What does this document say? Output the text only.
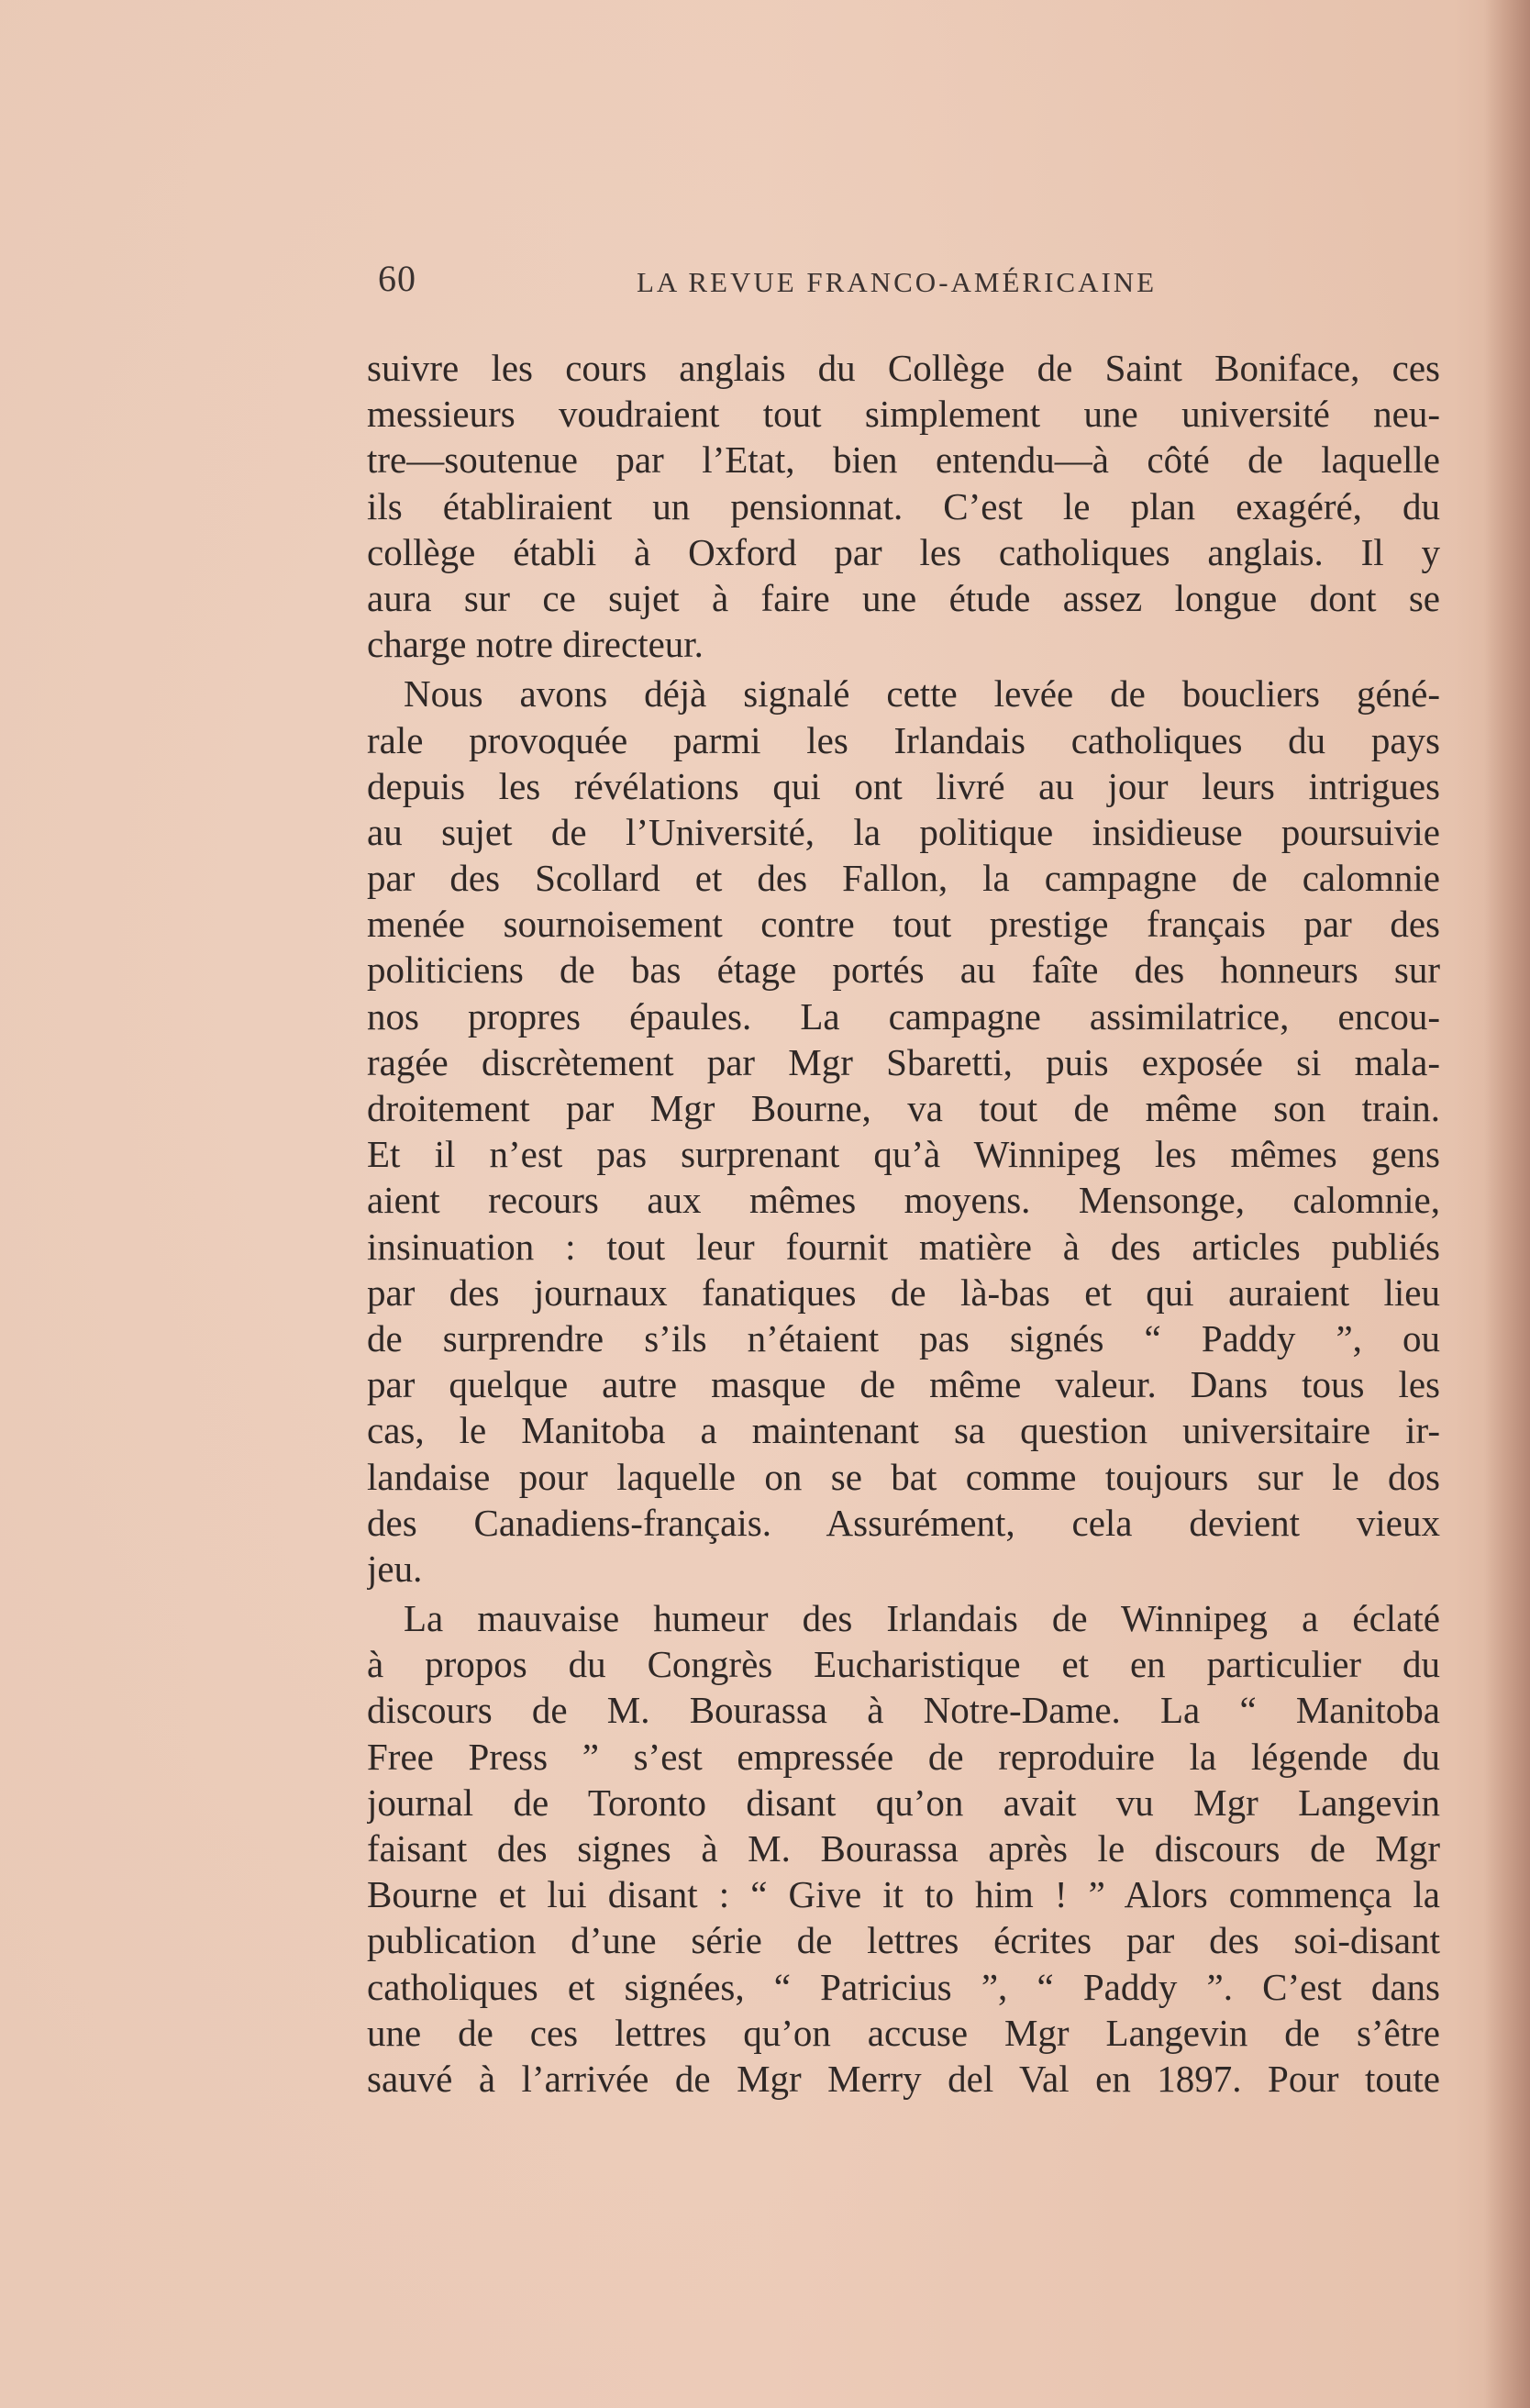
60	LA REVUE FRANCO-AMÉRICAINE
suivre les cours anglais du Collège de Saint Boniface, ces
messieurs voudraient tout simplement une université neu-
tre—soutenue par l’Etat, bien entendu—à côté de laquelle
ils établiraient un pensionnat. C’est le plan exagéré, du
collège établi à Oxford par les catholiques anglais. Il y
aura sur ce sujet à faire une étude assez longue dont se
charge notre directeur.
Nous avons déjà signalé cette levée de boucliers géné-
rale provoquée parmi les Irlandais catholiques du pays
depuis les révélations qui ont livré au jour leurs intrigues
au sujet de l’Université, la politique insidieuse poursuivie
par des Scollard et des Fallon, la campagne de calomnie
menée sournoisement contre tout prestige français par des
politiciens de bas étage portés au faîte des honneurs sur
nos propres épaules. La campagne assimilatrice, encou-
ragée discrètement par Mgr Sbaretti, puis exposée si mala-
droitement par Mgr Bourne, va tout de même son train.
Et il n’est pas surprenant qu’à Winnipeg les mêmes gens
aient recours aux mêmes moyens. Mensonge, calomnie,
insinuation : tout leur fournit matière à des articles publiés
par des journaux fanatiques de là-bas et qui auraient lieu
de surprendre s’ils n’étaient pas signés “ Paddy ”, ou
par quelque autre masque de même valeur. Dans tous les
cas, le Manitoba a maintenant sa question universitaire ir-
landaise pour laquelle on se bat comme toujours sur le dos
des Canadiens-français. Assurément, cela devient vieux
jeu.
La mauvaise humeur des Irlandais de Winnipeg a éclaté
à propos du Congrès Eucharistique et en particulier du
discours de M. Bourassa à Notre-Dame. La “ Manitoba
Free Press ” s’est empressée de reproduire la légende du
journal de Toronto disant qu’on avait vu Mgr Langevin
faisant des signes à M. Bourassa après le discours de Mgr
Bourne et lui disant : “ Give it to him ! ” Alors commença la
publication d’une série de lettres écrites par des soi-disant
catholiques et signées, “ Patricius ”, “ Paddy ”. C’est dans
une de ces lettres qu’on accuse Mgr Langevin de s’être
sauvé à l’arrivée de Mgr Merry del Val en 1897. Pour toute
